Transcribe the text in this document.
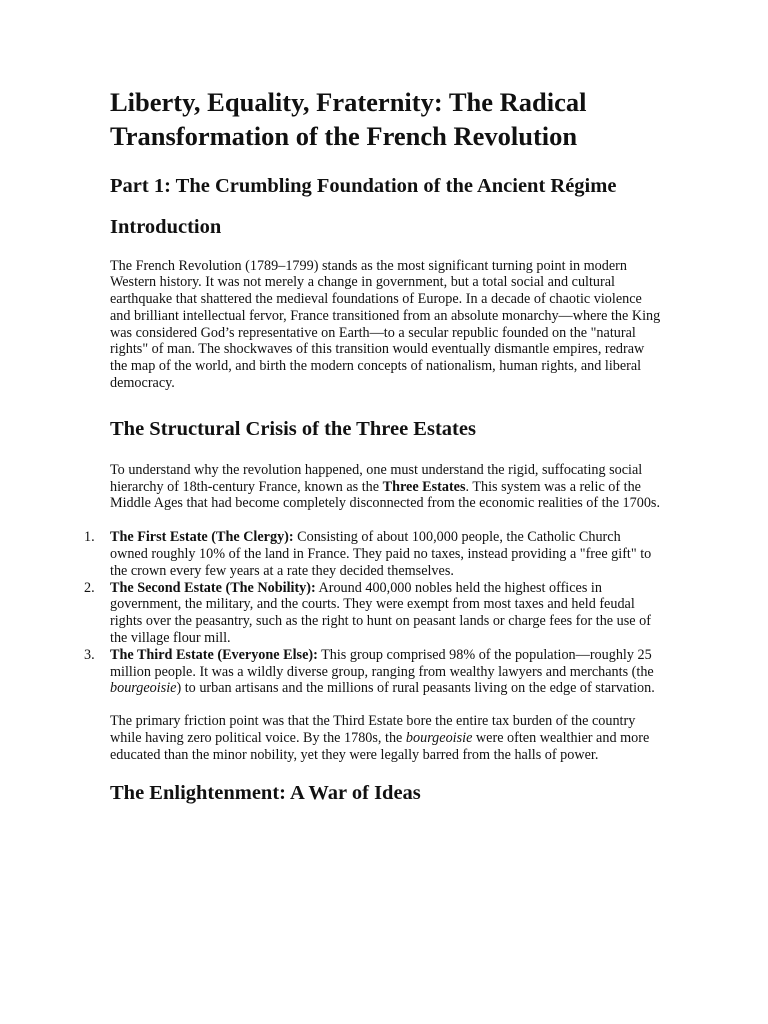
Liberty, Equality, Fraternity: The Radical Transformation of the French Revolution
Part 1: The Crumbling Foundation of the Ancient Régime
Introduction

The French Revolution (1789–1799) stands as the most significant turning point in modern Western history. It was not merely a change in government, but a total social and cultural earthquake that shattered the medieval foundations of Europe. In a decade of chaotic violence and brilliant intellectual fervor, France transitioned from an absolute monarchy—where the King was considered God’s representative on Earth—to a secular republic founded on the "natural rights" of man. The shockwaves of this transition would eventually dismantle empires, redraw the map of the world, and birth the modern concepts of nationalism, human rights, and liberal democracy.

The Structural Crisis of the Three Estates

To understand why the revolution happened, one must understand the rigid, suffocating social hierarchy of 18th-century France, known as the Three Estates. This system was a relic of the Middle Ages that had become completely disconnected from the economic realities of the 1700s.

1. The First Estate (The Clergy): Consisting of about 100,000 people, the Catholic Church owned roughly 10% of the land in France. They paid no taxes, instead providing a "free gift" to the crown every few years at a rate they decided themselves.
2. The Second Estate (The Nobility): Around 400,000 nobles held the highest offices in government, the military, and the courts. They were exempt from most taxes and held feudal rights over the peasantry, such as the right to hunt on peasant lands or charge fees for the use of the village flour mill.
3. The Third Estate (Everyone Else): This group comprised 98% of the population—roughly 25 million people. It was a wildly diverse group, ranging from wealthy lawyers and merchants (the bourgeoisie) to urban artisans and the millions of rural peasants living on the edge of starvation.

The primary friction point was that the Third Estate bore the entire tax burden of the country while having zero political voice. By the 1780s, the bourgeoisie were often wealthier and more educated than the minor nobility, yet they were legally barred from the halls of power.

The Enlightenment: A War of Ideas
